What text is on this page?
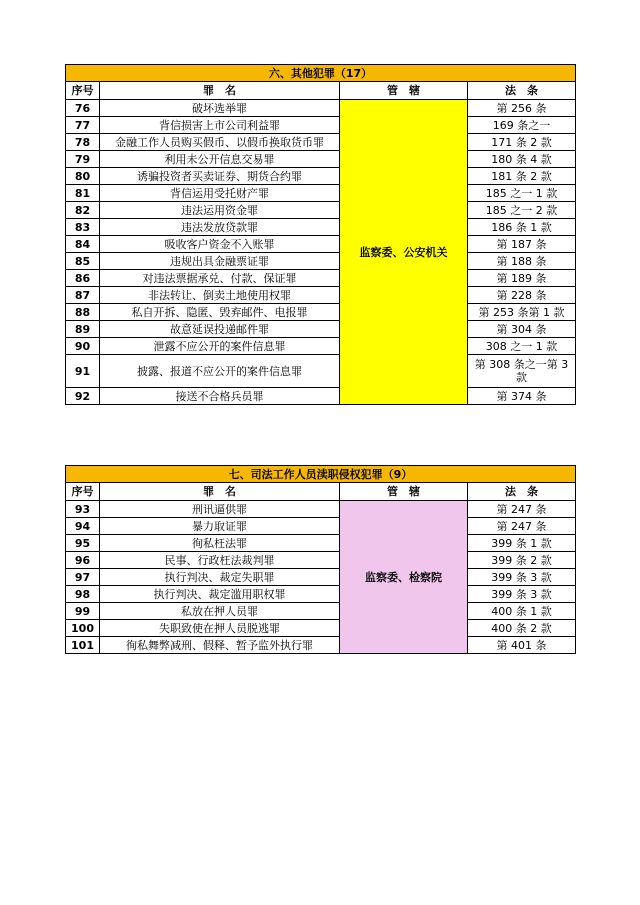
六、其他犯罪（17）			
序号	罪　名	管　辖	法　条
76	破坏选举罪	监察委、公安机关	第 256 条
77	背信损害上市公司利益罪		169 条之一
78	金融工作人员购买假币、以假币换取货币罪		171 条 2 款
79	利用未公开信息交易罪		180 条 4 款
80	诱骗投资者买卖证券、期货合约罪		181 条 2 款
81	背信运用受托财产罪		185 之一 1 款
82	违法运用资金罪		185 之一 2 款
83	违法发放贷款罪		186 条 1 款
84	吸收客户资金不入账罪		第 187 条
85	违规出具金融票证罪		第 188 条
86	对违法票据承兑、付款、保证罪		第 189 条
87	非法转让、倒卖土地使用权罪		第 228 条
88	私自开拆、隐匿、毁弃邮件、电报罪		第 253 条第 1 款
89	故意延误投递邮件罪		第 304 条
90	泄露不应公开的案件信息罪		308 之一 1 款
91	披露、报道不应公开的案件信息罪		第 308 条之一第 3 款
92	接送不合格兵员罪		第 374 条
七、司法工作人员渎职侵权犯罪（9）			
序号	罪　名	管　辖	法　条
93	刑讯逼供罪	监察委、检察院	第 247 条
94	暴力取证罪		第 247 条
95	徇私枉法罪		399 条 1 款
96	民事、行政枉法裁判罪		399 条 2 款
97	执行判决、裁定失职罪		399 条 3 款
98	执行判决、裁定滥用职权罪		399 条 3 款
99	私放在押人员罪		400 条 1 款
100	失职致使在押人员脱逃罪		400 条 2 款
101	徇私舞弊减刑、假释、暂予监外执行罪		第 401 条
